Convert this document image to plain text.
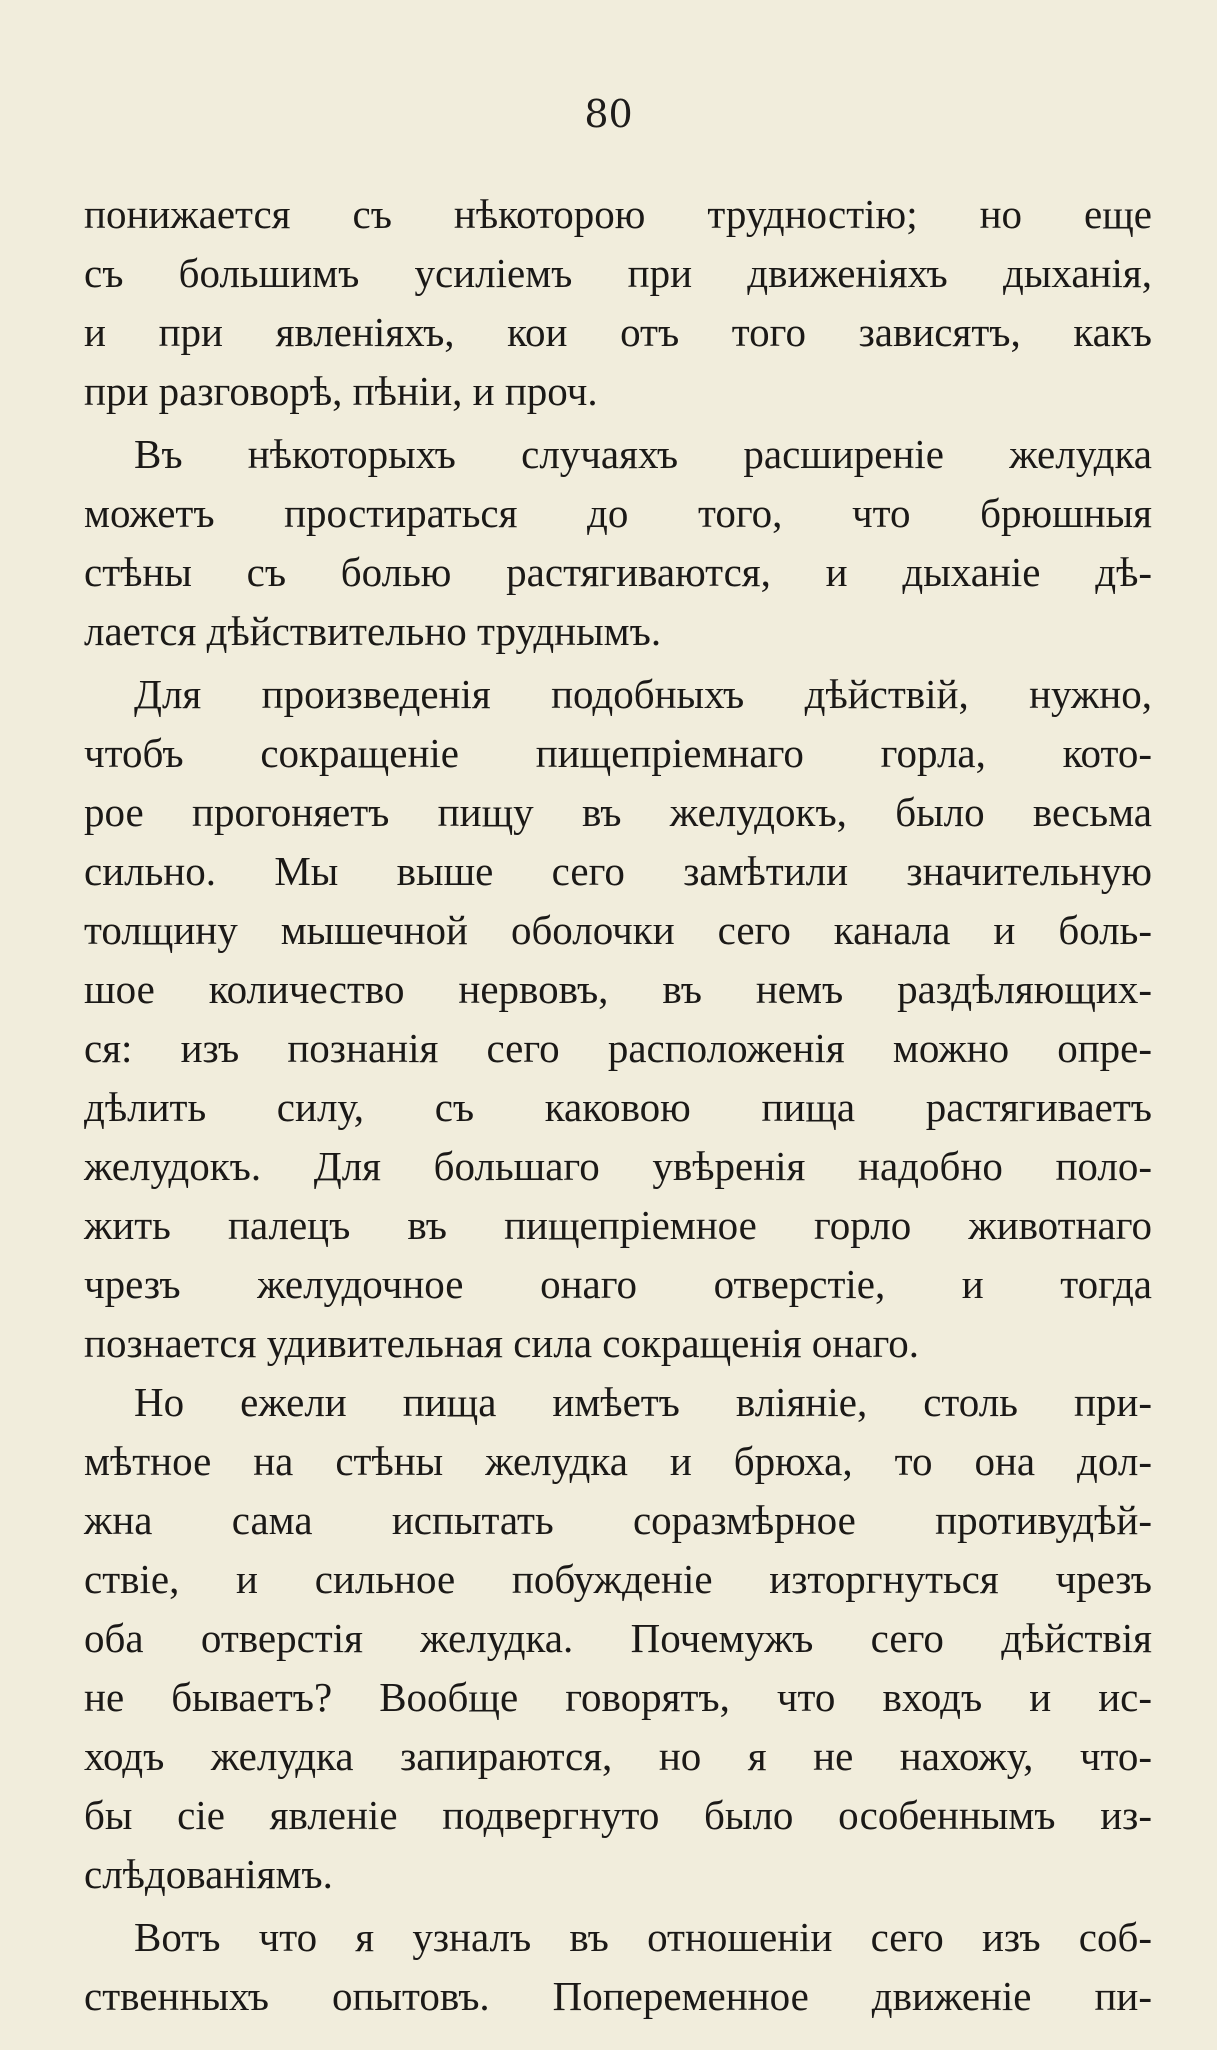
80
понижается съ нѣкоторою трудностію; но еще
съ большимъ усиліемъ при движеніяхъ дыханія,
и при явленіяхъ, кои отъ того зависятъ, какъ
при разговорѣ, пѣніи, и проч.
Въ нѣкоторыхъ случаяхъ расширеніе желудка
можетъ простираться до того, что брюшныя
стѣны съ болью растягиваются, и дыханіе дѣ-
лается дѣйствительно труднымъ.
Для произведенія подобныхъ дѣйствій, нужно,
чтобъ сокращеніе пищепріемнаго горла, кото-
рое прогоняетъ пищу въ желудокъ, было весьма
сильно. Мы выше сего замѣтили значительную
толщину мышечной оболочки сего канала и боль-
шое количество нервовъ, въ немъ раздѣляющих-
ся: изъ познанія сего расположенія можно опре-
дѣлить силу, съ каковою пища растягиваетъ
желудокъ. Для большаго увѣренія надобно поло-
жить палецъ въ пищепріемное горло животнаго
чрезъ желудочное онаго отверстіе, и тогда
познается удивительная сила сокращенія онаго.
Но ежели пища имѣетъ вліяніе, столь при-
мѣтное на стѣны желудка и брюха, то она дол-
жна сама испытать соразмѣрное противудѣй-
ствіе, и сильное побужденіе изторгнуться чрезъ
оба отверстія желудка. Почемужъ сего дѣйствія
не бываетъ? Вообще говорятъ, что входъ и ис-
ходъ желудка запираются, но я не нахожу, что-
бы сіе явленіе подвергнуто было особеннымъ из-
слѣдованіямъ.
Вотъ что я узналъ въ отношеніи сего изъ соб-
ственныхъ опытовъ. Попеременное движеніе пи-
